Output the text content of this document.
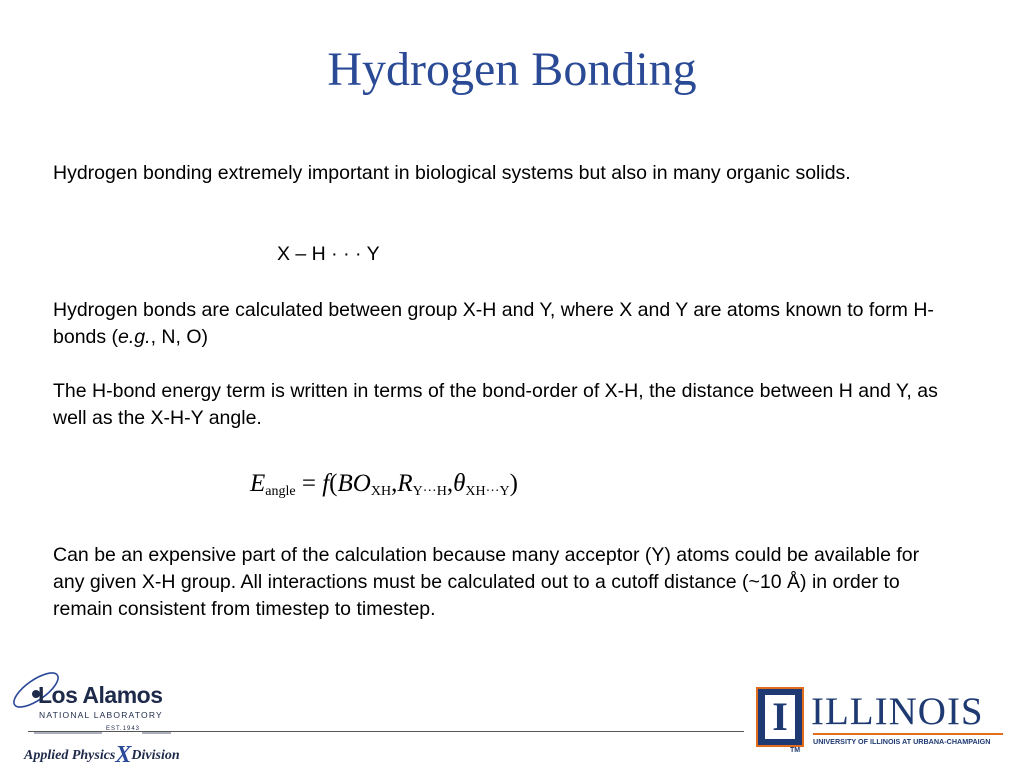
Hydrogen Bonding

Hydrogen bonding extremely important in biological systems but also in many organic solids.

X – H · · · Y

Hydrogen bonds are calculated between group X-H and Y, where X and Y are atoms known to form H-bonds (e.g., N, O)

The H-bond energy term is written in terms of the bond-order of X-H, the distance between H and Y, as well as the X-H-Y angle.

$E_{angle} = f(BO_{XH},R_{Y\cdot\cdot\cdot H},\theta_{XH\cdot\cdot\cdot Y})$

Can be an expensive part of the calculation because many acceptor (Y) atoms could be available for any given X-H group. All interactions must be calculated out to a cutoff distance (~10 Å) in order to remain consistent from timestep to timestep.

Los Alamos
NATIONAL LABORATORY
EST.1943
Applied PhysicsXDivision
I
TM
ILLINOIS
UNIVERSITY OF ILLINOIS AT URBANA-CHAMPAIGN
